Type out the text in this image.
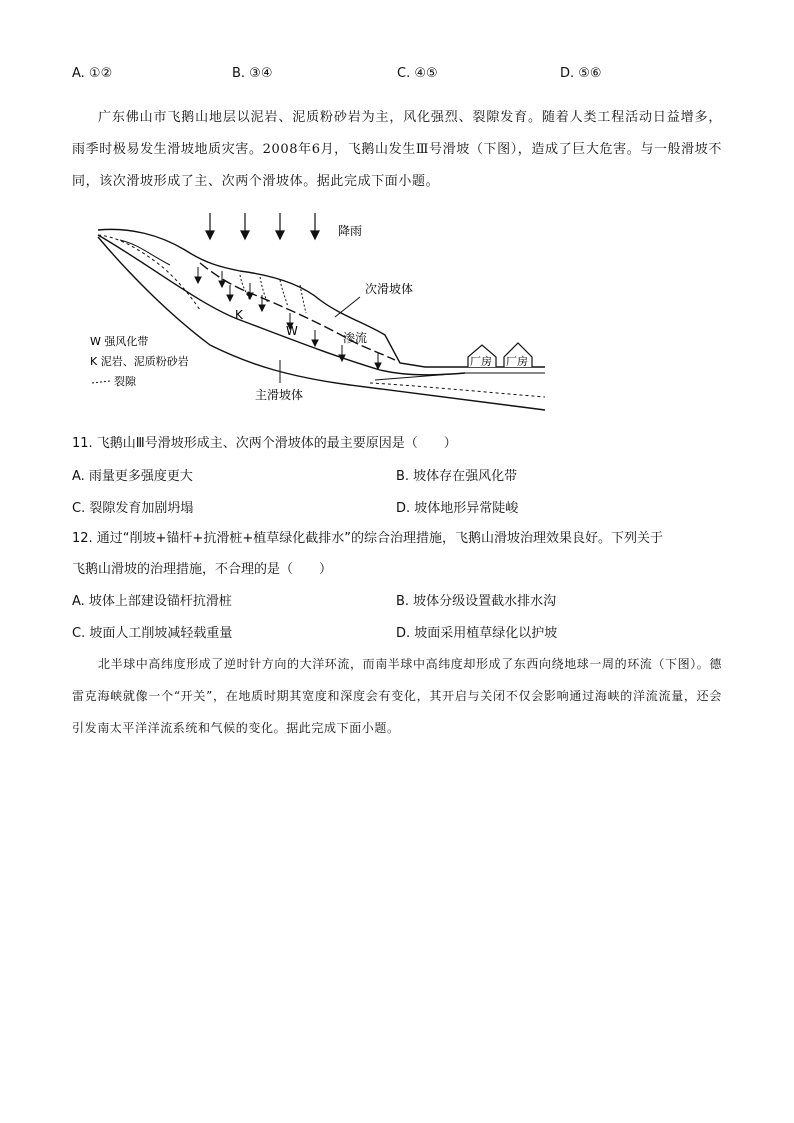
A. ①②	B. ③④	C. ④⑤	D. ⑤⑥

广东佛山市飞鹅山地层以泥岩、泥质粉砂岩为主，风化强烈、裂隙发育。随着人类工程活动日益增多，雨季时极易发生滑坡地质灾害。2008年6月，飞鹅山发生Ⅲ号滑坡（下图），造成了巨大危害。与一般滑坡不同，该次滑坡形成了主、次两个滑坡体。据此完成下面小题。

降雨
K
W	渗流
次滑坡体
主滑坡体
厂房 厂房
W 强风化带
K 泥岩、泥质粉砂岩
裂隙
11. 飞鹅山Ⅲ号滑坡形成主、次两个滑坡体的最主要原因是（　　）
A. 雨量更多强度更大	B. 坡体存在强风化带
C. 裂隙发育加剧坍塌	D. 坡体地形异常陡峻
12. 通过“削坡+锚杆+抗滑桩+植草绿化截排水”的综合治理措施，飞鹅山滑坡治理效果良好。下列关于
飞鹅山滑坡的治理措施，不合理的是（　　）
A. 坡体上部建设锚杆抗滑桩	B. 坡体分级设置截水排水沟
C. 坡面人工削坡减轻载重量	D. 坡面采用植草绿化以护坡

北半球中高纬度形成了逆时针方向的大洋环流，而南半球中高纬度却形成了东西向绕地球一周的环流（下图）。德雷克海峡就像一个“开关”，在地质时期其宽度和深度会有变化，其开启与关闭不仅会影响通过海峡的洋流流量，还会引发南太平洋洋流系统和气候的变化。据此完成下面小题。
